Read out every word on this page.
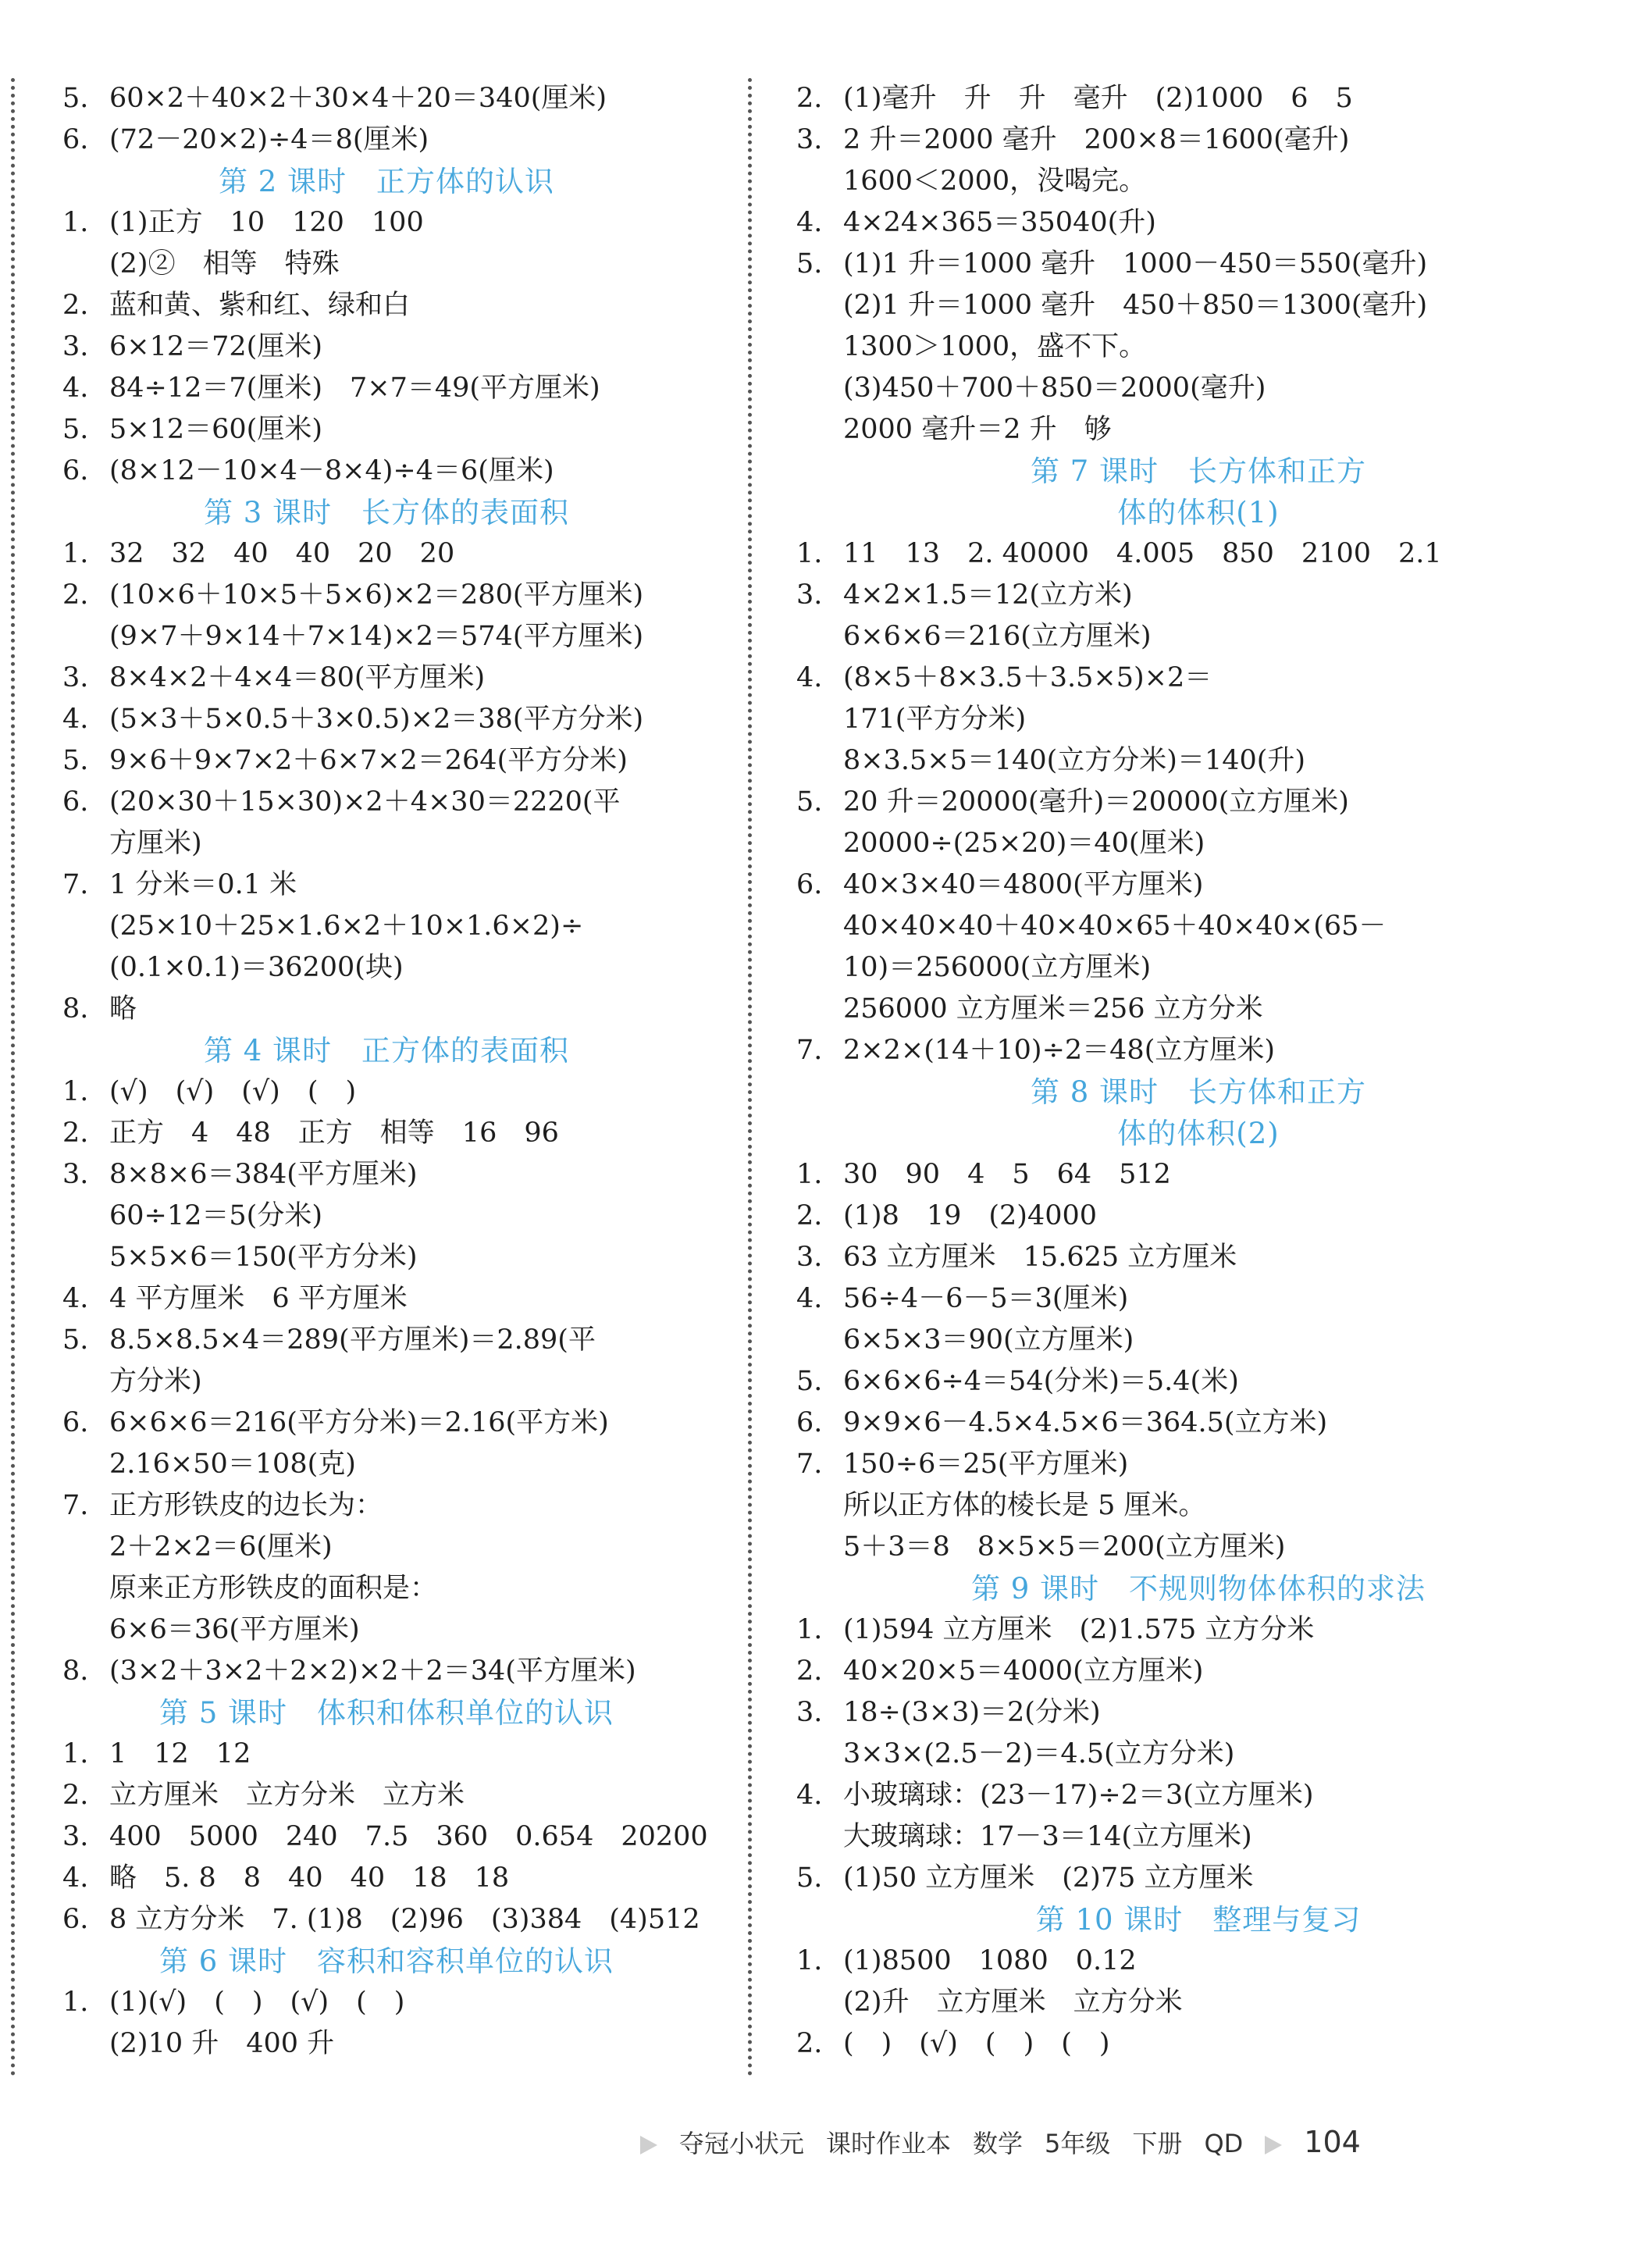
5. 60×2＋40×2＋30×4＋20＝340(厘米)
6. (72－20×2)÷4＝8(厘米)
第 2 课时　正方体的认识
1. (1)正方　10　120　100
(2)②　相等　特殊
2. 蓝和黄、紫和红、绿和白
3. 6×12＝72(厘米)
4. 84÷12＝7(厘米)　7×7＝49(平方厘米)
5. 5×12＝60(厘米)
6. (8×12－10×4－8×4)÷4＝6(厘米)
第 3 课时　长方体的表面积
1. 32　32　40　40　20　20
2. (10×6＋10×5＋5×6)×2＝280(平方厘米)
(9×7＋9×14＋7×14)×2＝574(平方厘米)
3. 8×4×2＋4×4＝80(平方厘米)
4. (5×3＋5×0.5＋3×0.5)×2＝38(平方分米)
5. 9×6＋9×7×2＋6×7×2＝264(平方分米)
6. (20×30＋15×30)×2＋4×30＝2220(平
方厘米)
7. 1 分米＝0.1 米
(25×10＋25×1.6×2＋10×1.6×2)÷
(0.1×0.1)＝36200(块)
8. 略
第 4 课时　正方体的表面积
1. (√)　(√)　(√)　(　)
2. 正方　4　48　正方　相等　16　96
3. 8×8×6＝384(平方厘米)
60÷12＝5(分米)
5×5×6＝150(平方分米)
4. 4 平方厘米　6 平方厘米
5. 8.5×8.5×4＝289(平方厘米)＝2.89(平
方分米)
6. 6×6×6＝216(平方分米)＝2.16(平方米)
2.16×50＝108(克)
7. 正方形铁皮的边长为：
2＋2×2＝6(厘米)
原来正方形铁皮的面积是：
6×6＝36(平方厘米)
8. (3×2＋3×2＋2×2)×2＋2＝34(平方厘米)
第 5 课时　体积和体积单位的认识
1. 1　12　12
2. 立方厘米　立方分米　立方米
3. 400　5000　240　7.5　360　0.654　20200
4. 略　5. 8　8　40　40　18　18
6. 8 立方分米　7. (1)8　(2)96　(3)384　(4)512
第 6 课时　容积和容积单位的认识
1. (1)(√)　(　)　(√)　(　)
(2)10 升　400 升
2. (1)毫升　升　升　毫升　(2)1000　6　5
3. 2 升＝2000 毫升　200×8＝1600(毫升)
1600＜2000，没喝完。
4. 4×24×365＝35040(升)
5. (1)1 升＝1000 毫升　1000－450＝550(毫升)
(2)1 升＝1000 毫升　450＋850＝1300(毫升)
1300＞1000，盛不下。
(3)450＋700＋850＝2000(毫升)
2000 毫升＝2 升　够
第 7 课时　长方体和正方
体的体积(1)
1. 11　13　2. 40000　4.005　850　2100　2.1
3. 4×2×1.5＝12(立方米)
6×6×6＝216(立方厘米)
4. (8×5＋8×3.5＋3.5×5)×2＝
171(平方分米)
8×3.5×5＝140(立方分米)＝140(升)
5. 20 升＝20000(毫升)＝20000(立方厘米)
20000÷(25×20)＝40(厘米)
6. 40×3×40＝4800(平方厘米)
40×40×40＋40×40×65＋40×40×(65－
10)＝256000(立方厘米)
256000 立方厘米＝256 立方分米
7. 2×2×(14＋10)÷2＝48(立方厘米)
第 8 课时　长方体和正方
体的体积(2)
1. 30　90　4　5　64　512
2. (1)8　19　(2)4000
3. 63 立方厘米　15.625 立方厘米
4. 56÷4－6－5＝3(厘米)
6×5×3＝90(立方厘米)
5. 6×6×6÷4＝54(分米)＝5.4(米)
6. 9×9×6－4.5×4.5×6＝364.5(立方米)
7. 150÷6＝25(平方厘米)
所以正方体的棱长是 5 厘米。
5＋3＝8　8×5×5＝200(立方厘米)
第 9 课时　不规则物体体积的求法
1. (1)594 立方厘米　(2)1.575 立方分米
2. 40×20×5＝4000(立方厘米)
3. 18÷(3×3)＝2(分米)
3×3×(2.5－2)＝4.5(立方分米)
4. 小玻璃球：(23－17)÷2＝3(立方厘米)
大玻璃球：17－3＝14(立方厘米)
5. (1)50 立方厘米　(2)75 立方厘米
第 10 课时　整理与复习
1. (1)8500　1080　0.12
(2)升　立方厘米　立方分米
2. (　)　(√)　(　)　(　)
夺冠小状元 课时作业本 数学 5年级 下册 QD 104
